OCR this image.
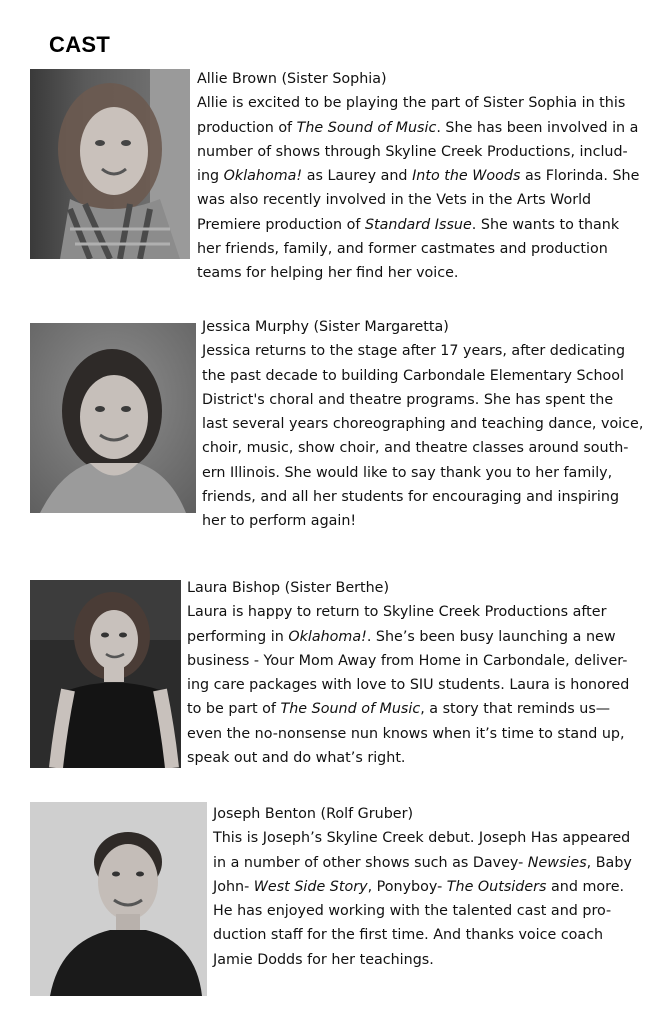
CAST
Allie Brown (Sister Sophia)
Allie is excited to be playing the part of Sister Sophia in this
production of The Sound of Music. She has been involved in a
number of shows through Skyline Creek Productions, includ-
ing Oklahoma! as Laurey and Into the Woods as Florinda. She
was also recently involved in the Vets in the Arts World
Premiere production of Standard Issue. She wants to thank
her friends, family, and former castmates and production
teams for helping her find her voice.
Jessica Murphy (Sister Margaretta)
Jessica returns to the stage after 17 years, after dedicating
the past decade to building Carbondale Elementary School
District's choral and theatre programs. She has spent the
last several years choreographing and teaching dance, voice,
choir, music, show choir, and theatre classes around south-
ern Illinois. She would like to say thank you to her family,
friends, and all her students for encouraging and inspiring
her to perform again!
Laura Bishop (Sister Berthe)
Laura is happy to return to Skyline Creek Productions after
performing in Oklahoma!. She’s been busy launching a new
business - Your Mom Away from Home in Carbondale, deliver-
ing care packages with love to SIU students. Laura is honored
to be part of The Sound of Music, a story that reminds us—
even the no-nonsense nun knows when it’s time to stand up,
speak out and do what’s right.
Joseph Benton (Rolf Gruber)
This is Joseph’s Skyline Creek debut. Joseph Has appeared
in a number of other shows such as Davey- Newsies, Baby
John- West Side Story, Ponyboy- The Outsiders and more.
He has enjoyed working with the talented cast and pro-
duction staff for the first time. And thanks voice coach
Jamie Dodds for her teachings.
